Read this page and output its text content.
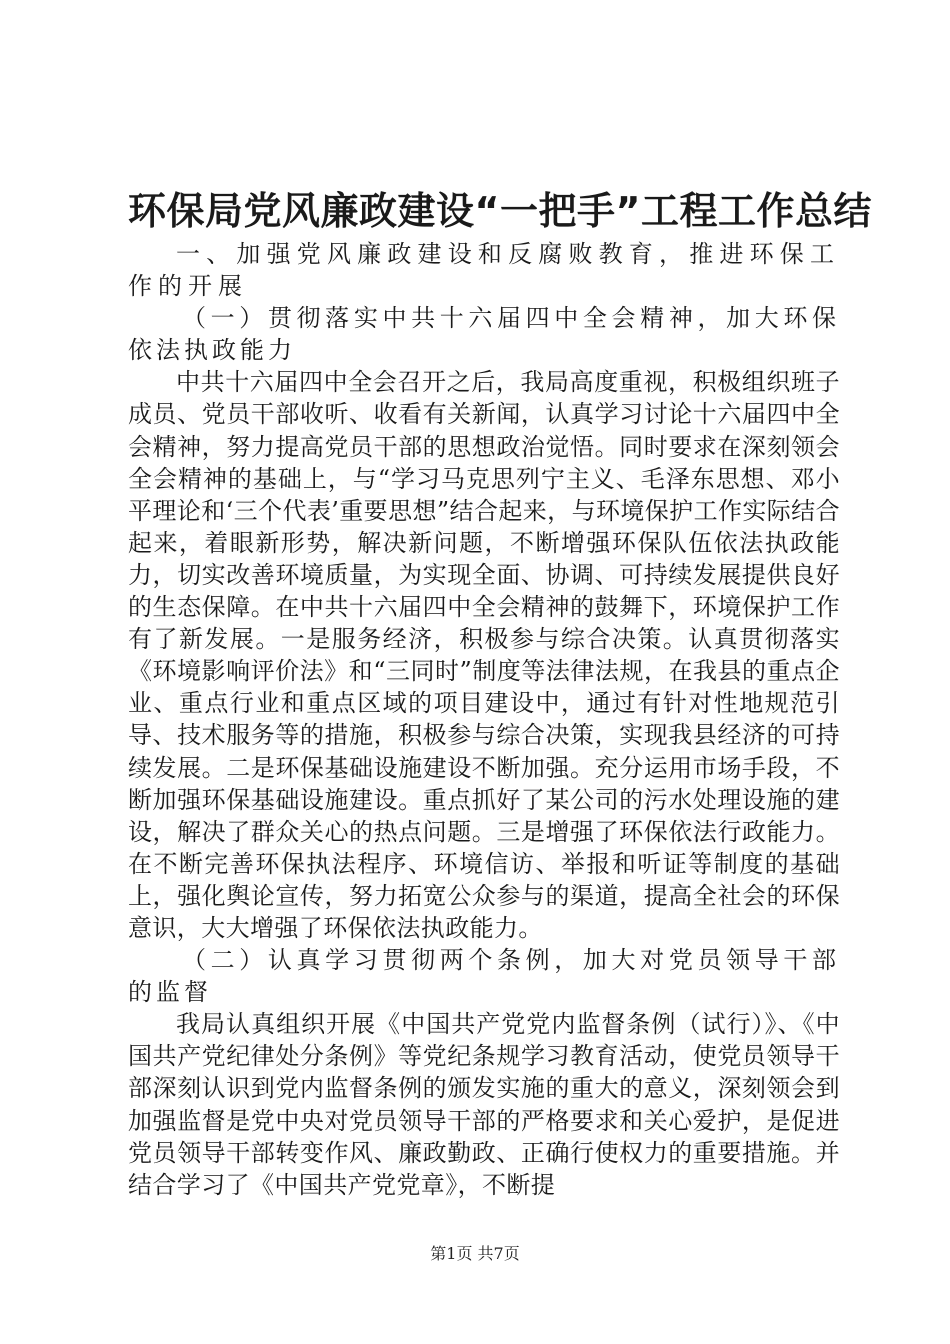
环保局党风廉政建设“一把手”工程工作总结

一、加强党风廉政建设和反腐败教育，推进环保工作的开展

（一）贯彻落实中共十六届四中全会精神，加大环保依法执政能力

中共十六届四中全会召开之后，我局高度重视，积极组织班子成员、党员干部收听、收看有关新闻，认真学习讨论十六届四中全会精神，努力提高党员干部的思想政治觉悟。同时要求在深刻领会全会精神的基础上，与“学习马克思列宁主义、毛泽东思想、邓小平理论和‘三个代表’重要思想”结合起来，与环境保护工作实际结合起来，着眼新形势，解决新问题，不断增强环保队伍依法执政能力，切实改善环境质量，为实现全面、协调、可持续发展提供良好的生态保障。在中共十六届四中全会精神的鼓舞下，环境保护工作有了新发展。一是服务经济，积极参与综合决策。认真贯彻落实《环境影响评价法》和“三同时”制度等法律法规，在我县的重点企业、重点行业和重点区域的项目建设中，通过有针对性地规范引导、技术服务等的措施，积极参与综合决策，实现我县经济的可持续发展。二是环保基础设施建设不断加强。充分运用市场手段，不断加强环保基础设施建设。重点抓好了某公司的污水处理设施的建设，解决了群众关心的热点问题。三是增强了环保依法行政能力。在不断完善环保执法程序、环境信访、举报和听证等制度的基础上，强化舆论宣传，努力拓宽公众参与的渠道，提高全社会的环保意识，大大增强了环保依法执政能力。

（二）认真学习贯彻两个条例，加大对党员领导干部的监督

我局认真组织开展《中国共产党党内监督条例（试行）》、《中国共产党纪律处分条例》等党纪条规学习教育活动，使党员领导干部深刻认识到党内监督条例的颁发实施的重大的意义，深刻领会到加强监督是党中央对党员领导干部的严格要求和关心爱护，是促进党员领导干部转变作风、廉政勤政、正确行使权力的重要措施。并结合学习了《中国共产党党章》，不断提

第1页 共7页
